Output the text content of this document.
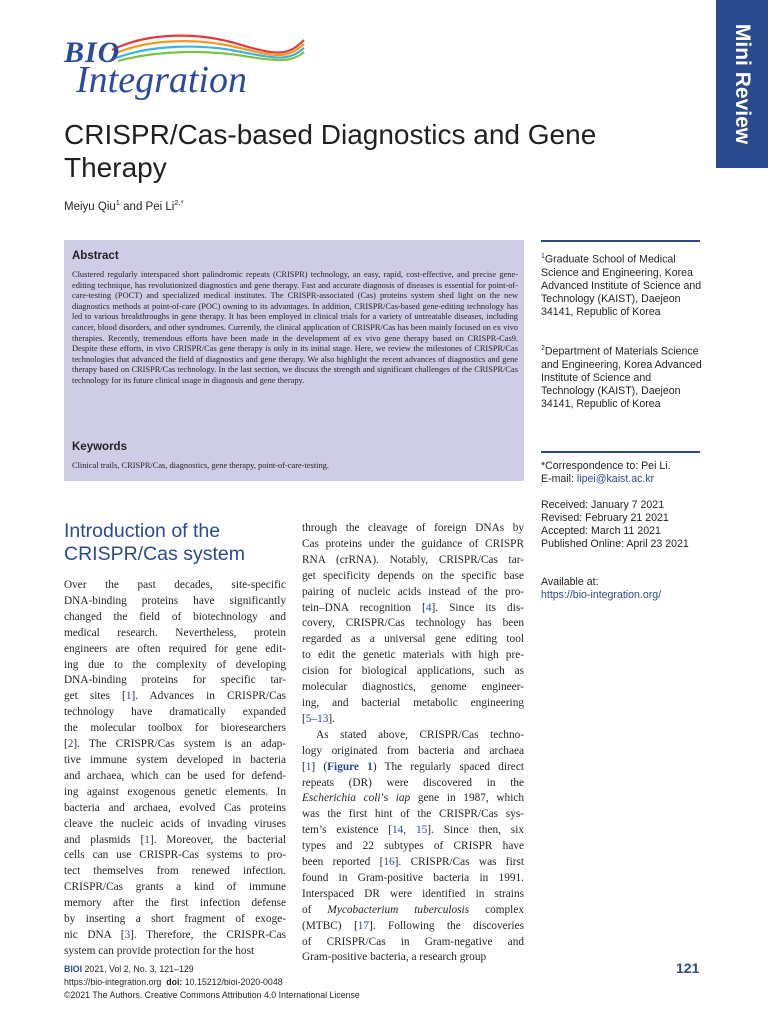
BIO
Integration	Mini Review
CRISPR/Cas-based Diagnostics and Gene Therapy
Meiyu Qiu$^1$ and Pei $Li^{2,*}$
Abstract
Clustered regularly interspaced short palindromic repeats (CRISPR) technology, an easy, rapid, cost-effective, and precise gene-editing technique, has revolutionized diagnostics and gene therapy. Fast and accurate diagnosis of diseases is essential for point-of-care-testing (POCT) and specialized medical institutes. The CRISPR-associated (Cas) proteins system shed light on the new diagnostics methods at point-of-care (POC) owning to its advantages. In addition, CRISPR/Cas-based gene-editing technology has led to various breakthroughs in gene therapy. It has been employed in clinical trials for a variety of untreatable diseases, including cancer, blood disorders, and other syndromes. Currently, the clinical application of CRISPR/Cas has been mainly focused on ex vivo therapies. Recently, tremendous efforts have been made in the development of ex vivo gene therapy based on CRISPR-Cas9. Despite these efforts, in vivo CRISPR/Cas gene therapy is only in its initial stage. Here, we review the milestones of CRISPR/Cas technologies that advanced the field of diagnostics and gene therapy. We also highlight the recent advances of diagnostics and gene therapy based on CRISPR/Cas technology. In the last section, we discuss the strength and significant challenges of the CRISPR/Cas technology for its future clinical usage in diagnosis and gene therapy.
Keywords
Clinical trails, CRISPR/Cas, diagnostics, gene therapy, point-of-care-testing.
$^1$Graduate School of Medical Science and Engineering, Korea Advanced Institute of Science and Technology (KAIST), Daejeon 34141, Republic of Korea
$^2$Department of Materials Science and Engineering, Korea Advanced Institute of Science and Technology (KAIST), Daejeon 34141, Republic of Korea
*Correspondence to: Pei Li.
E-mail: lipei@kaist.ac.kr
Received: January 7 2021
Revised: February 21 2021
Accepted: March 11 2021
Published Online: April 23 2021
Available at:
https://bio-integration.org/
Introduction of the
CRISPR/Cas system
Over the past decades, site-specific
DNA-binding proteins have significantly
changed the field of biotechnology and
medical research. Nevertheless, protein
engineers are often required for gene edit-
ing due to the complexity of developing
DNA-binding proteins for specific tar-
get sites [1]. Advances in CRISPR/Cas
technology have dramatically expanded
the molecular toolbox for bioresearchers
[2]. The CRISPR/Cas system is an adap-
tive immune system developed in bacteria
and archaea, which can be used for defend-
ing against exogenous genetic elements. In
bacteria and archaea, evolved Cas proteins
cleave the nucleic acids of invading viruses
and plasmids [1]. Moreover, the bacterial
cells can use CRISPR-Cas systems to pro-
tect themselves from renewed infection.
CRISPR/Cas grants a kind of immune
memory after the first infection defense
by inserting a short fragment of exoge-
nic DNA [3]. Therefore, the CRISPR-Cas
system can provide protection for the host
through the cleavage of foreign DNAs by
Cas proteins under the guidance of CRISPR
RNA (crRNA). Notably, CRISPR/Cas tar-
get specificity depends on the specific base
pairing of nucleic acids instead of the pro-
tein–DNA recognition [4]. Since its dis-
covery, CRISPR/Cas technology has been
regarded as a universal gene editing tool
to edit the genetic materials with high pre-
cision for biological applications, such as
molecular diagnostics, genome engineer-
ing, and bacterial metabolic engineering
[5–13].
As stated above, CRISPR/Cas techno-
logy originated from bacteria and archaea
[1] (Figure 1) The regularly spaced direct
repeats (DR) were discovered in the
Escherichia coli’s iap gene in 1987, which
was the first hint of the CRISPR/Cas sys-
tem’s existence [14, 15]. Since then, six
types and 22 subtypes of CRISPR have
been reported [16]. CRISPR/Cas was first
found in Gram-positive bacteria in 1991.
Interspaced DR were identified in strains
of Mycobacterium tuberculosis complex
(MTBC) [17]. Following the discoveries
of CRISPR/Cas in Gram-negative and
Gram-positive bacteria, a research group
BIOI 2021, Vol 2, No. 3, 121–129
https://bio-integration.org doi: 10.15212/bioi-2020-0048
©2021 The Authors. Creative Commons Attribution 4.0 International License
121
